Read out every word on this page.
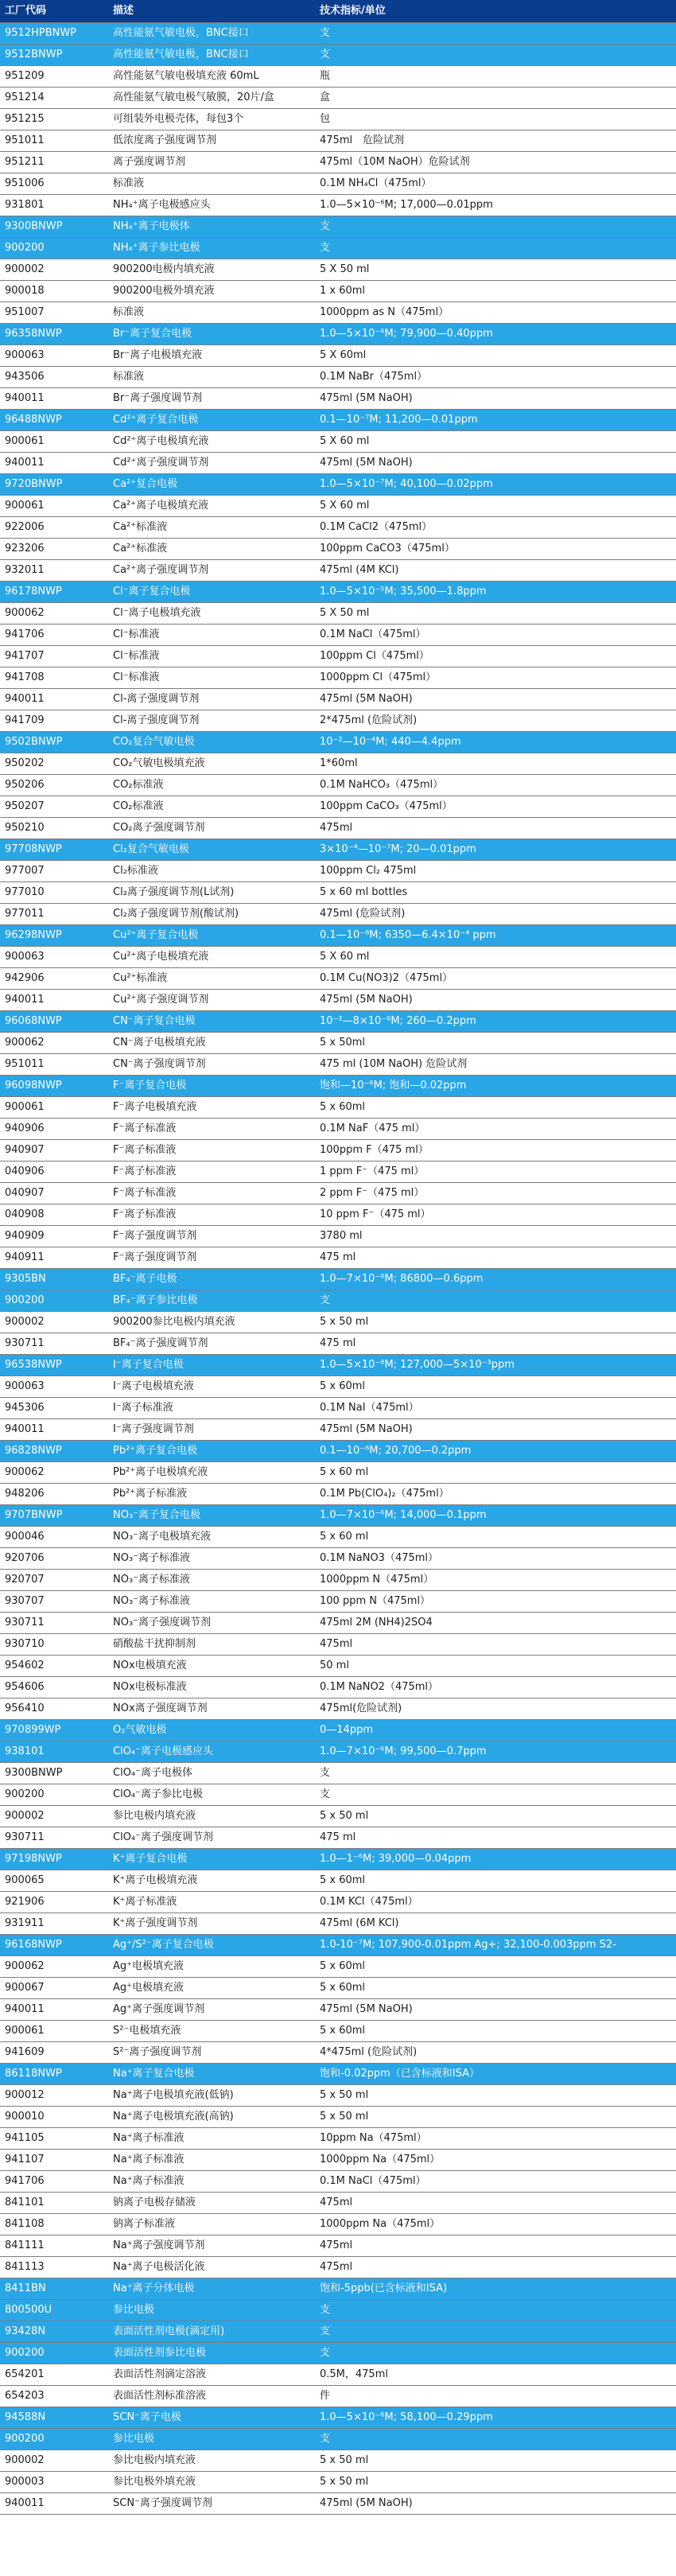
工厂代码	描述	技术指标/单位
9512HPBNWP	高性能氨气敏电极，BNC接口	支
9512BNWP	高性能氨气敏电极，BNC接口	支
951209	高性能氨气敏电极填充液 60mL	瓶
951214	高性能氨气敏电极气敏膜，20片/盒	盒
951215	可组装外电极壳体，每包3个	包
951011	低浓度离子强度调节剂	475ml　危险试剂
951211	离子强度调节剂	475ml（10M NaOH）危险试剂
951006	标准液	0.1M NH₄Cl（475ml）
931801	NH₄⁺离子电极感应头	1.0—5×10⁻⁶M; 17,000—0.01ppm
9300BNWP	NH₄⁺离子电极体	支
900200	NH₄⁺离子参比电极	支
900002	900200电极内填充液	5 X 50 ml
900018	900200电极外填充液	1 x 60ml
951007	标准液	1000ppm as N（475ml）
96358NWP	Br⁻离子复合电极	1.0—5×10⁻⁶M; 79,900—0.40ppm
900063	Br⁻离子电极填充液	5 X 60ml
943506	标准液	0.1M NaBr（475ml）
940011	Br⁻离子强度调节剂	475ml (5M NaOH)
96488NWP	Cd²⁺离子复合电极	0.1—10⁻⁷M; 11,200—0.01ppm
900061	Cd²⁺离子电极填充液	5 X 60 ml
940011	Cd²⁺离子强度调节剂	475ml (5M NaOH)
9720BNWP	Ca²⁺复合电极	1.0—5×10⁻⁷M; 40,100—0.02ppm
900061	Ca²⁺离子电极填充液	5 X 60 ml
922006	Ca²⁺标准液	0.1M CaCl2（475ml）
923206	Ca²⁺标准液	100ppm CaCO3（475ml）
932011	Ca²⁺离子强度调节剂	475ml (4M KCl)
96178NWP	Cl⁻离子复合电极	1.0—5×10⁻⁵M; 35,500—1.8ppm
900062	Cl⁻离子电极填充液	5 X 50 ml
941706	Cl⁻标准液	0.1M NaCl（475ml）
941707	Cl⁻标准液	100ppm Cl（475ml）
941708	Cl⁻标准液	1000ppm Cl（475ml）
940011	Cl-离子强度调节剂	475ml (5M NaOH)
941709	Cl-离子强度调节剂	2*475ml (危险试剂)
9502BNWP	CO₂复合气敏电极	10⁻²—10⁻⁴M; 440—4.4ppm
950202	CO₂气敏电极填充液	1*60ml
950206	CO₂标准液	0.1M NaHCO₃（475ml）
950207	CO₂标准液	100ppm CaCO₃（475ml）
950210	CO₂离子强度调节剂	475ml
97708NWP	Cl₂复合气敏电极	3×10⁻⁴—10⁻⁷M; 20—0.01ppm
977007	Cl₂标准液	100ppm Cl₂ 475ml
977010	Cl₂离子强度调节剂(L试剂)	5 x 60 ml bottles
977011	Cl₂离子强度调节剂(酸试剂)	475ml (危险试剂)
96298NWP	Cu²⁺离子复合电极	0.1—10⁻⁸M; 6350—6.4×10⁻⁴ ppm
900063	Cu²⁺离子电极填充液	5 X 60 ml
942906	Cu²⁺标准液	0.1M Cu(NO3)2（475ml）
940011	Cu²⁺离子强度调节剂	475ml (5M NaOH)
96068NWP	CN⁻离子复合电极	10⁻²—8×10⁻⁶M; 260—0.2ppm
900062	CN⁻离子电极填充液	5 x 50ml
951011	CN⁻离子强度调节剂	475 ml (10M NaOH) 危险试剂
96098NWP	F⁻离子复合电极	饱和—10⁻⁶M; 饱和—0.02ppm
900061	F⁻离子电极填充液	5 x 60ml
940906	F⁻离子标准液	0.1M NaF（475 ml）
940907	F⁻离子标准液	100ppm F（475 ml）
040906	F⁻离子标准液	1 ppm F⁻（475 ml）
040907	F⁻离子标准液	2 ppm F⁻（475 ml）
040908	F⁻离子标准液	10 ppm F⁻（475 ml）
940909	F⁻离子强度调节剂	3780 ml
940911	F⁻离子强度调节剂	475 ml
9305BN	BF₄⁻离子电极	1.0—7×10⁻⁶M; 86800—0.6ppm
900200	BF₄⁻离子参比电极	支
900002	900200参比电极内填充液	5 x 50 ml
930711	BF₄⁻离子强度调节剂	475 ml
96538NWP	I⁻离子复合电极	1.0—5×10⁻⁸M; 127,000—5×10⁻³ppm
900063	I⁻离子电极填充液	5 x 60ml
945306	I⁻离子标准液	0.1M NaI（475ml）
940011	I⁻离子强度调节剂	475ml (5M NaOH)
96828NWP	Pb²⁺离子复合电极	0.1—10⁻⁶M; 20,700—0.2ppm
900062	Pb²⁺离子电极填充液	5 x 60 ml
948206	Pb²⁺离子标准液	0.1M Pb(ClO₄)₂（475ml）
9707BNWP	NO₃⁻离子复合电极	1.0—7×10⁻⁶M; 14,000—0.1ppm
900046	NO₃⁻离子电极填充液	5 x 60 ml
920706	NO₃⁻离子标准液	0.1M NaNO3（475ml）
920707	NO₃⁻离子标准液	1000ppm N（475ml）
930707	NO₃⁻离子标准液	100 ppm N（475ml）
930711	NO₃⁻离子强度调节剂	475ml 2M (NH4)2SO4
930710	硝酸盐干扰抑制剂	475ml
954602	NOx电极填充液	50 ml
954606	NOx电极标准液	0.1M NaNO2（475ml）
956410	NOx离子强度调节剂	475ml(危险试剂)
970899WP	O₂气敏电极	0—14ppm
938101	ClO₄⁻离子电极感应头	1.0—7×10⁻⁶M; 99,500—0.7ppm
9300BNWP	ClO₄⁻离子电极体	支
900200	ClO₄⁻离子参比电极	支
900002	参比电极内填充液	5 x 50 ml
930711	ClO₄⁻离子强度调节剂	475 ml
97198NWP	K⁺离子复合电极	1.0—1⁻⁶M; 39,000—0.04ppm
900065	K⁺离子电极填充液	5 x 60ml
921906	K⁺离子标准液	0.1M KCl（475ml）
931911	K⁺离子强度调节剂	475ml (6M KCl)
96168NWP	Ag⁺/S²⁻离子复合电极	1.0-10⁻⁷M; 107,900-0.01ppm Ag+; 32,100-0.003ppm S2-
900062	Ag⁺电极填充液	5 x 60ml
900067	Ag⁺电极填充液	5 x 60ml
940011	Ag⁺离子强度调节剂	475ml (5M NaOH)
900061	S²⁻电极填充液	5 x 60ml
941609	S²⁻离子强度调节剂	4*475ml (危险试剂)
86118NWP	Na⁺离子复合电极	饱和-0.02ppm（已含标液和ISA）
900012	Na⁺离子电极填充液(低钠)	5 x 50 ml
900010	Na⁺离子电极填充液(高钠)	5 x 50 ml
941105	Na⁺离子标准液	10ppm Na（475ml）
941107	Na⁺离子标准液	1000ppm Na（475ml）
941706	Na⁺离子标准液	0.1M NaCl（475ml）
841101	钠离子电极存储液	475ml
841108	钠离子标准液	1000ppm Na（475ml）
841111	Na⁺离子强度调节剂	475ml
841113	Na⁺离子电极活化液	475ml
8411BN	Na⁺离子分体电极	饱和-5ppb(已含标液和ISA)
800500U	参比电极	支
93428N	表面活性剂电极(滴定用)	支
900200	表面活性剂参比电极	支
654201	表面活性剂滴定溶液	0.5M，475ml
654203	表面活性剂标准溶液	件
94588N	SCN⁻离子电极	1.0—5×10⁻⁶M; 58,100—0.29ppm
900200	参比电极	支
900002	参比电极内填充液	5 x 50 ml
900003	参比电极外填充液	5 x 50 ml
940011	SCN⁻离子强度调节剂	475ml (5M NaOH)
